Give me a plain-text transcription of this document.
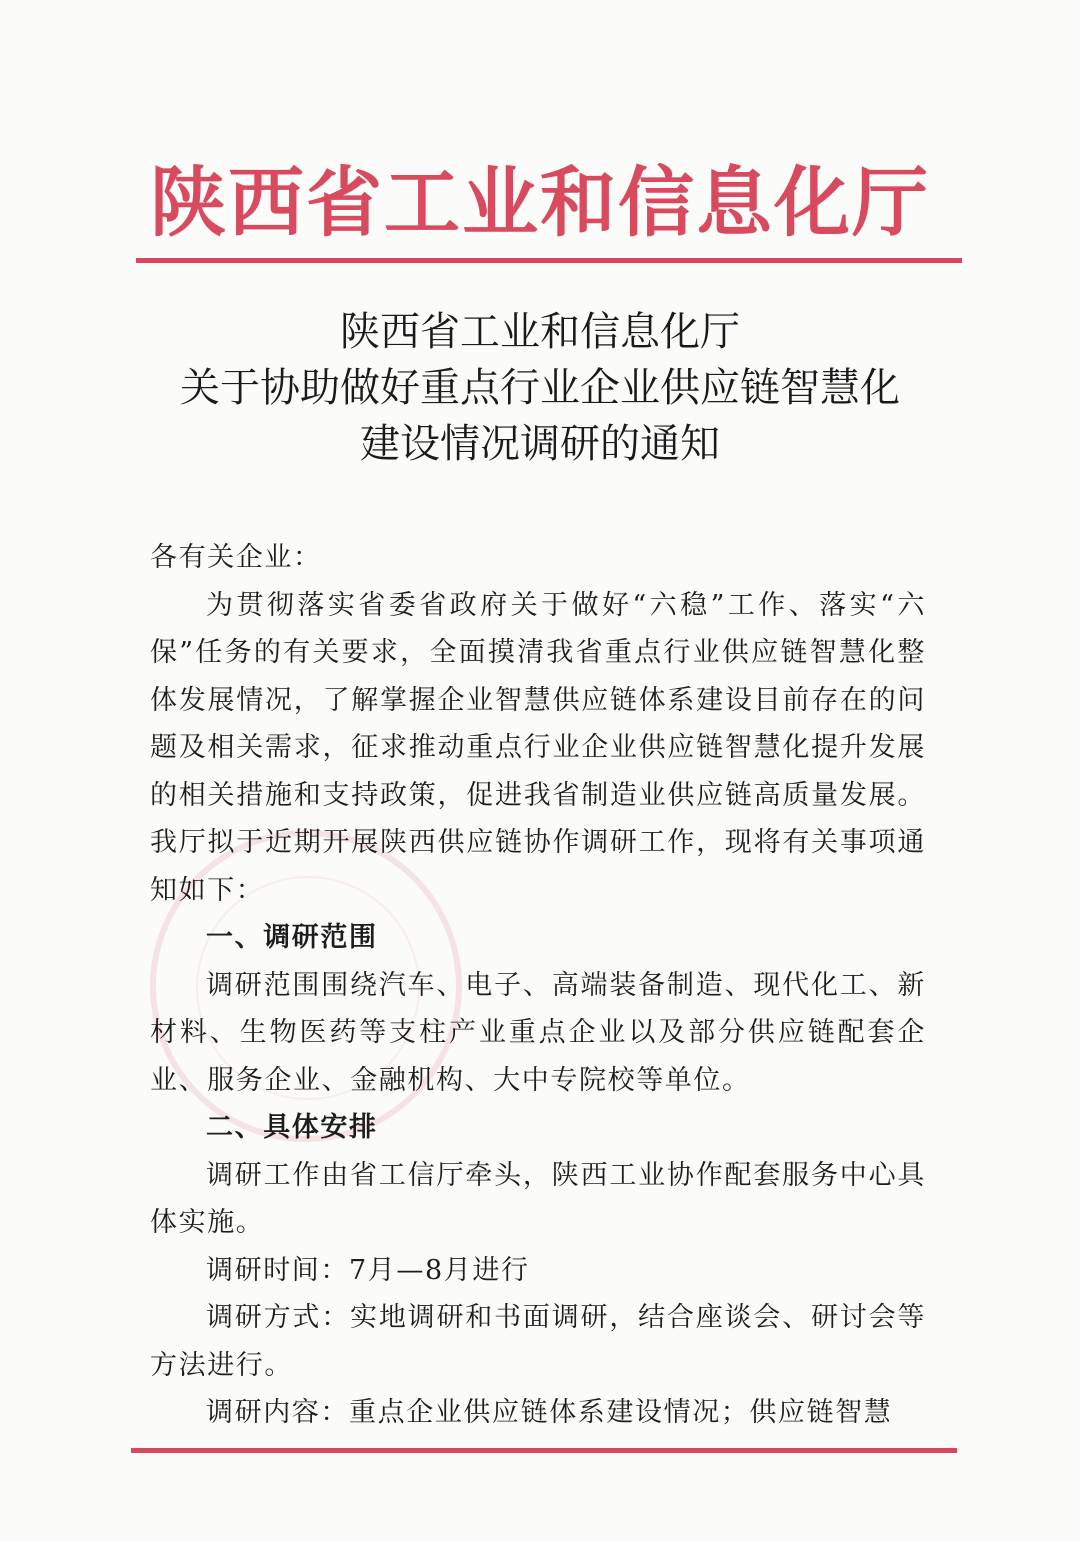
陕西省工业和信息化厅
陕西省工业和信息化厅
关于协助做好重点行业企业供应链智慧化
建设情况调研的通知

各有关企业：

为贯彻落实省委省政府关于做好“六稳”工作、落实“六保”任务的有关要求，全面摸清我省重点行业供应链智慧化整体发展情况，了解掌握企业智慧供应链体系建设目前存在的问题及相关需求，征求推动重点行业企业供应链智慧化提升发展的相关措施和支持政策，促进我省制造业供应链高质量发展。我厅拟于近期开展陕西供应链协作调研工作，现将有关事项通知如下：

一、调研范围

调研范围围绕汽车、电子、高端装备制造、现代化工、新材料、生物医药等支柱产业重点企业以及部分供应链配套企业、服务企业、金融机构、大中专院校等单位。

二、具体安排

调研工作由省工信厅牵头，陕西工业协作配套服务中心具体实施。

调研时间：7月—8月进行

调研方式：实地调研和书面调研，结合座谈会、研讨会等方法进行。

调研内容：重点企业供应链体系建设情况；供应链智慧
